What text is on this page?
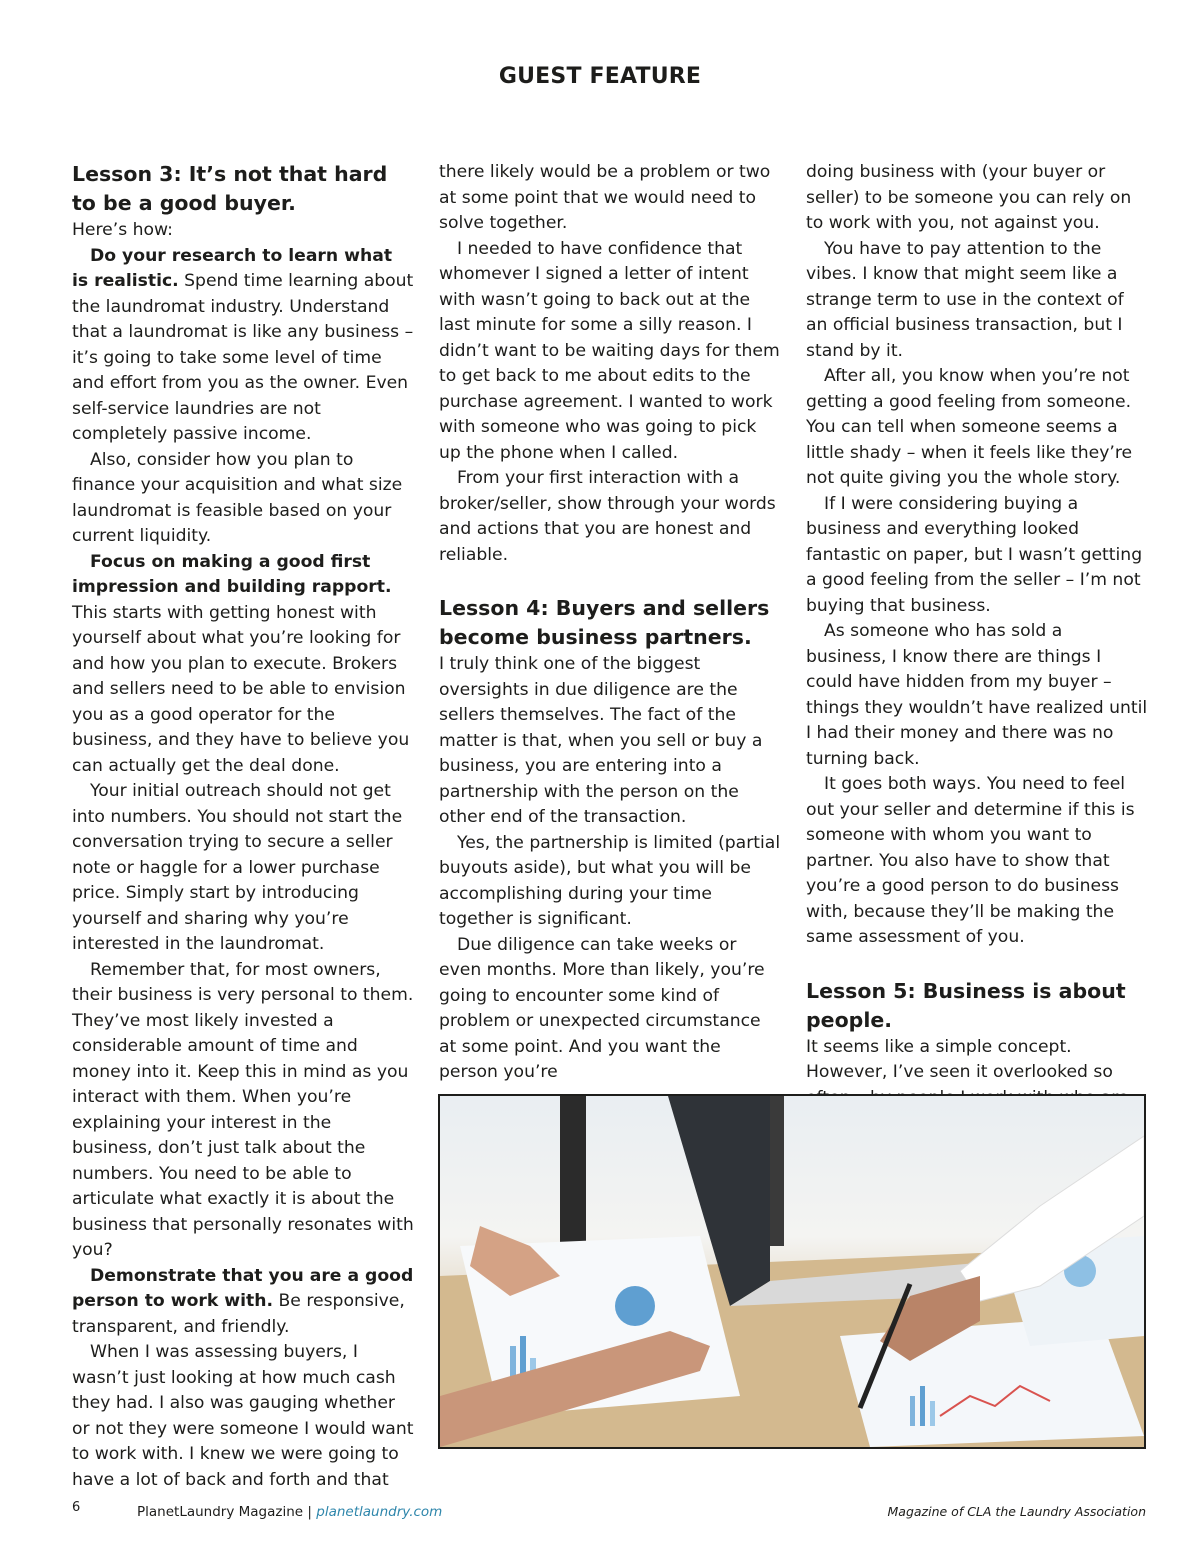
GUEST FEATURE
Lesson 3: It’s not that hard to be a good buyer.

Here’s how:

Do your research to learn what is realistic. Spend time learning about the laundromat industry. Understand that a laundromat is like any business – it’s going to take some level of time and effort from you as the owner. Even self-service laundries are not completely passive income.

Also, consider how you plan to finance your acquisition and what size laundromat is feasible based on your current liquidity.

Focus on making a good first impression and building rapport. This starts with getting honest with yourself about what you’re looking for and how you plan to execute. Brokers and sellers need to be able to envision you as a good operator for the business, and they have to believe you can actually get the deal done.

Your initial outreach should not get into numbers. You should not start the conversation trying to secure a seller note or haggle for a lower purchase price. Simply start by introducing yourself and sharing why you’re interested in the laundromat.

Remember that, for most owners, their business is very personal to them. They’ve most likely invested a considerable amount of time and money into it. Keep this in mind as you interact with them. When you’re explaining your interest in the business, don’t just talk about the numbers. You need to be able to articulate what exactly it is about the business that personally resonates with you?

Demonstrate that you are a good person to work with. Be responsive, transparent, and friendly.

When I was assessing buyers, I wasn’t just looking at how much cash they had. I also was gauging whether or not they were someone I would want to work with. I knew we were going to have a lot of back and forth and that

there likely would be a problem or two at some point that we would need to solve together.

I needed to have confidence that whomever I signed a letter of intent with wasn’t going to back out at the last minute for some a silly reason. I didn’t want to be waiting days for them to get back to me about edits to the purchase agreement. I wanted to work with someone who was going to pick up the phone when I called.

From your first interaction with a broker/seller, show through your words and actions that you are honest and reliable.

Lesson 4: Buyers and sellers become business partners.

I truly think one of the biggest oversights in due diligence are the sellers themselves. The fact of the matter is that, when you sell or buy a business, you are entering into a partnership with the person on the other end of the transaction.

Yes, the partnership is limited (partial buyouts aside), but what you will be accomplishing during your time together is significant.

Due diligence can take weeks or even months. More than likely, you’re going to encounter some kind of problem or unexpected circumstance at some point. And you want the person you’re

doing business with (your buyer or seller) to be someone you can rely on to work with you, not against you.

You have to pay attention to the vibes. I know that might seem like a strange term to use in the context of an official business transaction, but I stand by it.

After all, you know when you’re not getting a good feeling from someone. You can tell when someone seems a little shady – when it feels like they’re not quite giving you the whole story.

If I were considering buying a business and everything looked fantastic on paper, but I wasn’t getting a good feeling from the seller – I’m not buying that business.

As someone who has sold a business, I know there are things I could have hidden from my buyer – things they wouldn’t have realized until I had their money and there was no turning back.

It goes both ways. You need to feel out your seller and determine if this is someone with whom you want to partner. You also have to show that you’re a good person to do business with, because they’ll be making the same assessment of you.

Lesson 5: Business is about people.

It seems like a simple concept. However, I’ve seen it overlooked so

6	PlanetLaundry Magazine | planetlaundry.com	Magazine of CLA the Laundry Association
